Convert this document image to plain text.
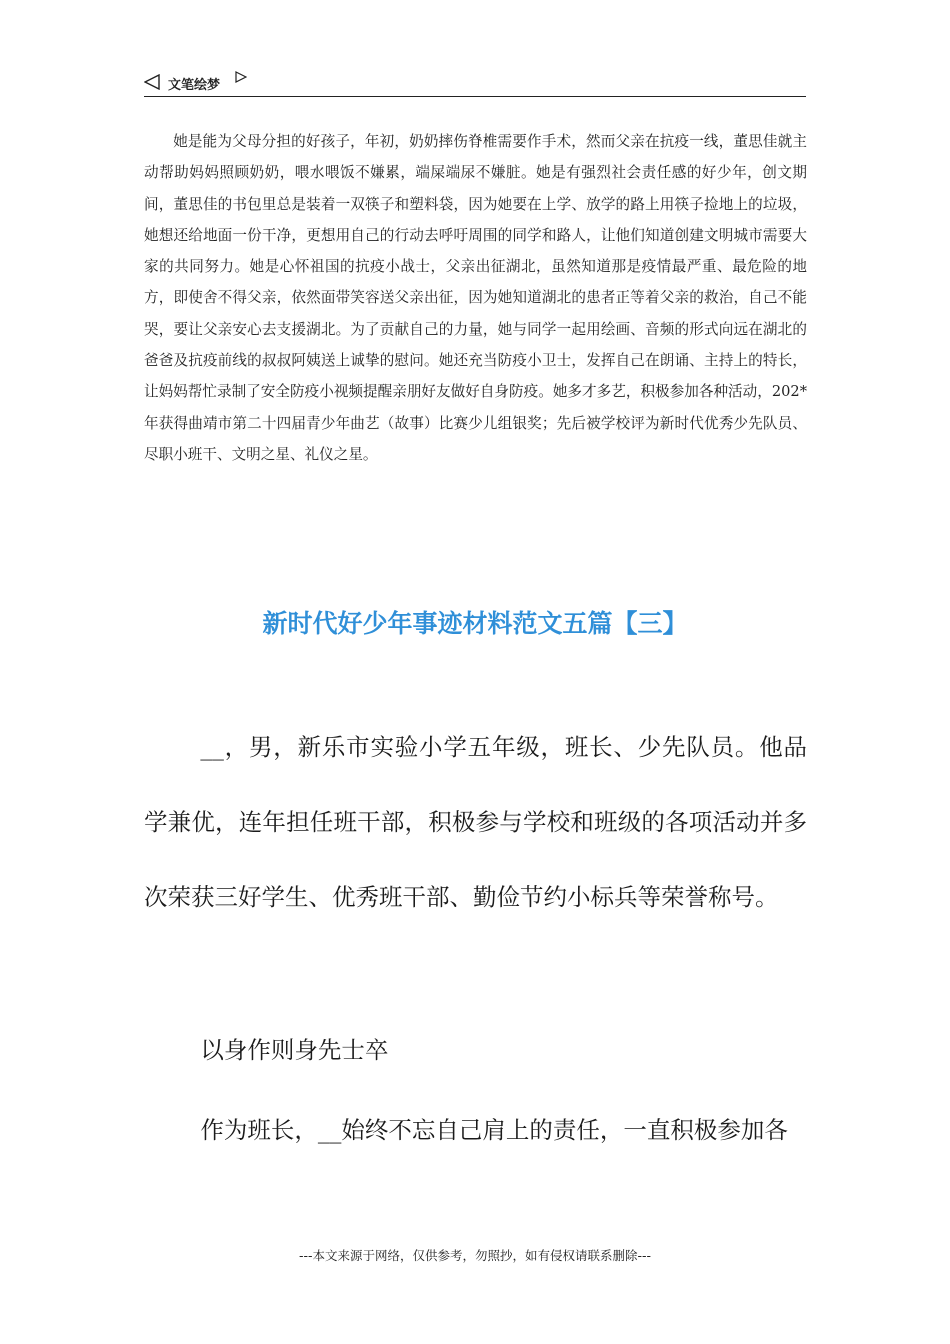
文笔绘梦

她是能为父母分担的好孩子，年初，奶奶摔伤脊椎需要作手术，然而父亲在抗疫一线，董思佳就主动帮助妈妈照顾奶奶，喂水喂饭不嫌累，端屎端尿不嫌脏。她是有强烈社会责任感的好少年，创文期间，董思佳的书包里总是装着一双筷子和塑料袋，因为她要在上学、放学的路上用筷子捡地上的垃圾，她想还给地面一份干净，更想用自己的行动去呼吁周围的同学和路人，让他们知道创建文明城市需要大家的共同努力。她是心怀祖国的抗疫小战士，父亲出征湖北，虽然知道那是疫情最严重、最危险的地方，即使舍不得父亲，依然面带笑容送父亲出征，因为她知道湖北的患者正等着父亲的救治，自己不能哭，要让父亲安心去支援湖北。为了贡献自己的力量，她与同学一起用绘画、音频的形式向远在湖北的爸爸及抗疫前线的叔叔阿姨送上诚挚的慰问。她还充当防疫小卫士，发挥自己在朗诵、主持上的特长，让妈妈帮忙录制了安全防疫小视频提醒亲朋好友做好自身防疫。她多才多艺，积极参加各种活动，202*年获得曲靖市第二十四届青少年曲艺（故事）比赛少儿组银奖；先后被学校评为新时代优秀少先队员、尽职小班干、文明之星、礼仪之星。

新时代好少年事迹材料范文五篇【三】

__，男，新乐市实验小学五年级，班长、少先队员。他品学兼优，连年担任班干部，积极参与学校和班级的各项活动并多次荣获三好学生、优秀班干部、勤俭节约小标兵等荣誉称号。

以身作则身先士卒

作为班长，__始终不忘自己肩上的责任，一直积极参加各

---本文来源于网络，仅供参考，勿照抄，如有侵权请联系删除---
